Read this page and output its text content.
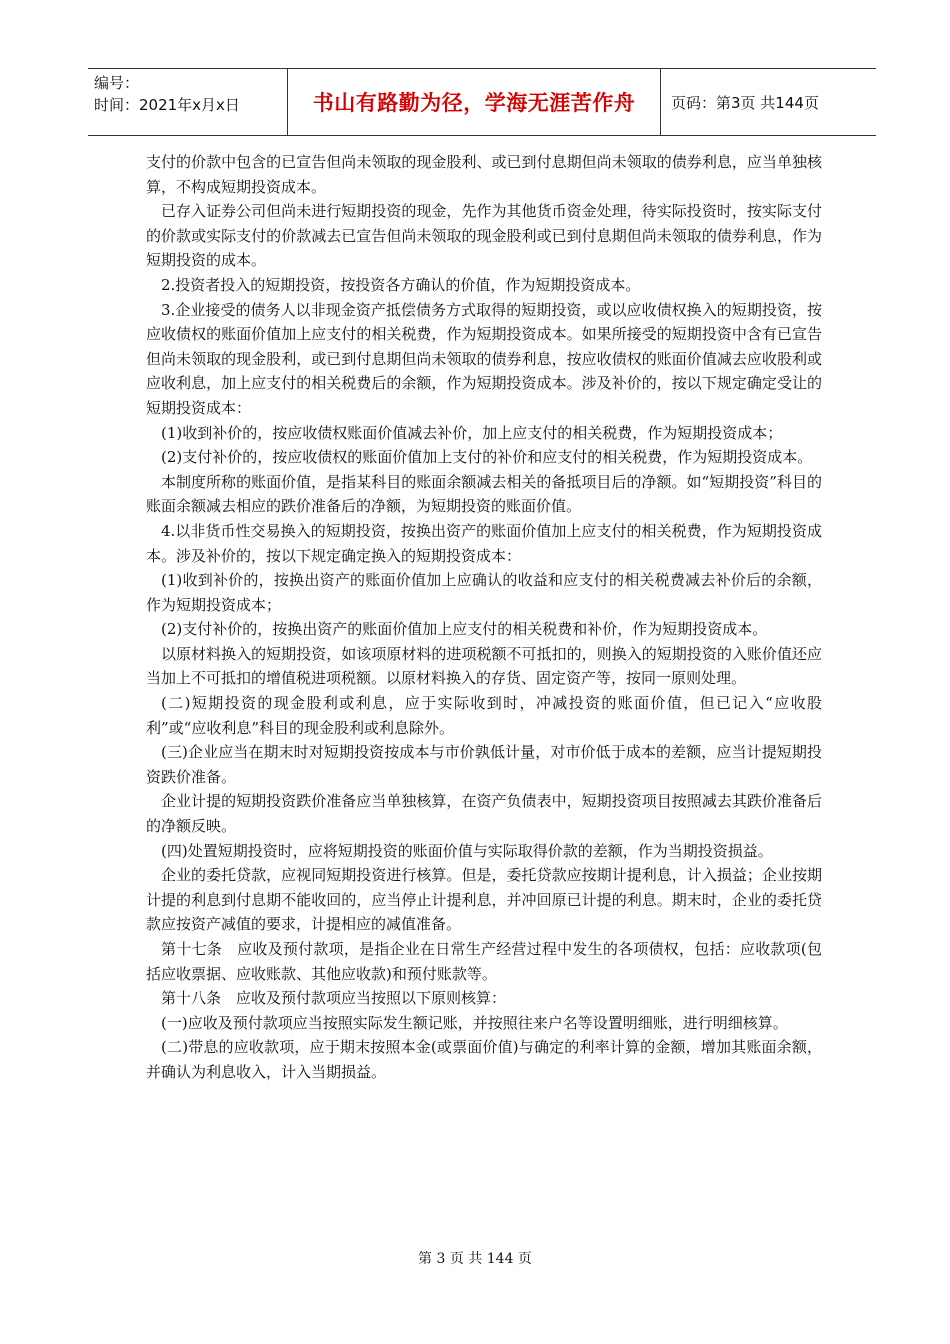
编号：
时间：2021年x月x日	书山有路勤为径，学海无涯苦作舟	页码：第3页 共144页

支付的价款中包含的已宣告但尚未领取的现金股利、或已到付息期但尚未领取的债券利息，应当单独核算，不构成短期投资成本。

已存入证券公司但尚未进行短期投资的现金，先作为其他货币资金处理，待实际投资时，按实际支付的价款或实际支付的价款减去已宣告但尚未领取的现金股利或已到付息期但尚未领取的债券利息，作为短期投资的成本。

2.投资者投入的短期投资，按投资各方确认的价值，作为短期投资成本。

3.企业接受的债务人以非现金资产抵偿债务方式取得的短期投资，或以应收债权换入的短期投资，按应收债权的账面价值加上应支付的相关税费，作为短期投资成本。如果所接受的短期投资中含有已宣告但尚未领取的现金股利，或已到付息期但尚未领取的债券利息，按应收债权的账面价值减去应收股利或应收利息，加上应支付的相关税费后的余额，作为短期投资成本。涉及补价的，按以下规定确定受让的短期投资成本：

(1)收到补价的，按应收债权账面价值减去补价，加上应支付的相关税费，作为短期投资成本；

(2)支付补价的，按应收债权的账面价值加上支付的补价和应支付的相关税费，作为短期投资成本。

本制度所称的账面价值，是指某科目的账面余额减去相关的备抵项目后的净额。如“短期投资”科目的账面余额减去相应的跌价准备后的净额，为短期投资的账面价值。

4.以非货币性交易换入的短期投资，按换出资产的账面价值加上应支付的相关税费，作为短期投资成本。涉及补价的，按以下规定确定换入的短期投资成本：

(1)收到补价的，按换出资产的账面价值加上应确认的收益和应支付的相关税费减去补价后的余额，作为短期投资成本；

(2)支付补价的，按换出资产的账面价值加上应支付的相关税费和补价，作为短期投资成本。

以原材料换入的短期投资，如该项原材料的进项税额不可抵扣的，则换入的短期投资的入账价值还应当加上不可抵扣的增值税进项税额。以原材料换入的存货、固定资产等，按同一原则处理。

(二)短期投资的现金股利或利息，应于实际收到时，冲减投资的账面价值，但已记入“应收股利”或“应收利息”科目的现金股利或利息除外。

(三)企业应当在期末时对短期投资按成本与市价孰低计量，对市价低于成本的差额，应当计提短期投资跌价准备。

企业计提的短期投资跌价准备应当单独核算，在资产负债表中，短期投资项目按照减去其跌价准备后的净额反映。

(四)处置短期投资时，应将短期投资的账面价值与实际取得价款的差额，作为当期投资损益。

企业的委托贷款，应视同短期投资进行核算。但是，委托贷款应按期计提利息，计入损益；企业按期计提的利息到付息期不能收回的，应当停止计提利息，并冲回原已计提的利息。期末时，企业的委托贷款应按资产减值的要求，计提相应的减值准备。

第十七条　应收及预付款项，是指企业在日常生产经营过程中发生的各项债权，包括：应收款项(包括应收票据、应收账款、其他应收款)和预付账款等。

第十八条　应收及预付款项应当按照以下原则核算：

(一)应收及预付款项应当按照实际发生额记账，并按照往来户名等设置明细账，进行明细核算。

(二)带息的应收款项，应于期末按照本金(或票面价值)与确定的利率计算的金额，增加其账面余额，并确认为利息收入，计入当期损益。

第 3 页 共 144 页
